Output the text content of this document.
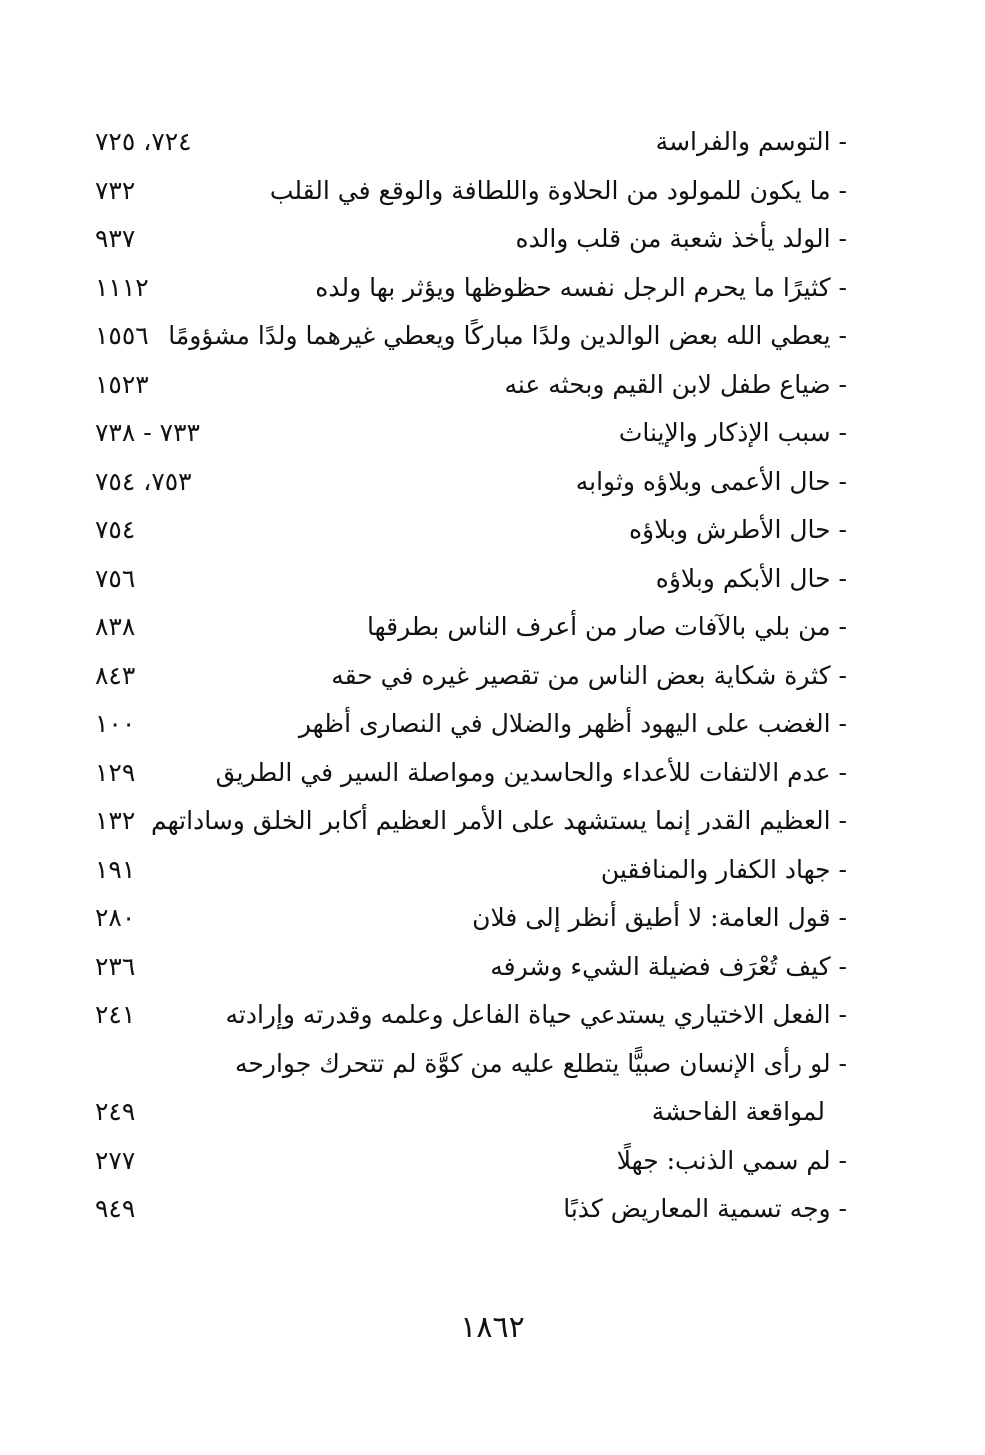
- التوسم والفراسة
٧٢٤، ٧٢٥
- ما يكون للمولود من الحلاوة واللطافة والوقع في القلب
٧٣٢
- الولد يأخذ شعبة من قلب والده
٩٣٧
- كثيرًا ما يحرم الرجل نفسه حظوظها ويؤثر بها ولده
١١١٢
- يعطي الله بعض الوالدين ولدًا مباركًا ويعطي غيرهما ولدًا مشؤومًا
١٥٥٦
- ضياع طفل لابن القيم وبحثه عنه
١٥٢٣
- سبب الإذكار والإيناث
٧٣٣ - ٧٣٨
- حال الأعمى وبلاؤه وثوابه
٧٥٣، ٧٥٤
- حال الأطرش وبلاؤه
٧٥٤
- حال الأبكم وبلاؤه
٧٥٦
- من بلي بالآفات صار من أعرف الناس بطرقها
٨٣٨
- كثرة شكاية بعض الناس من تقصير غيره في حقه
٨٤٣
- الغضب على اليهود أظهر والضلال في النصارى أظهر
١٠٠
- عدم الالتفات للأعداء والحاسدين ومواصلة السير في الطريق
١٢٩
- العظيم القدر إنما يستشهد على الأمر العظيم أكابر الخلق وساداتهم
١٣٢
- جهاد الكفار والمنافقين
١٩١
- قول العامة: لا أطيق أنظر إلى فلان
٢٨٠
- كيف تُعْرَف فضيلة الشيء وشرفه
٢٣٦
- الفعل الاختياري يستدعي حياة الفاعل وعلمه وقدرته وإرادته
٢٤١
- لو رأى الإنسان صبيًّا يتطلع عليه من كوَّة لم تتحرك جوارحه
لمواقعة الفاحشة
٢٤٩
- لم سمي الذنب: جهلًا
٢٧٧
- وجه تسمية المعاريض كذبًا
٩٤٩
١٨٦٢
